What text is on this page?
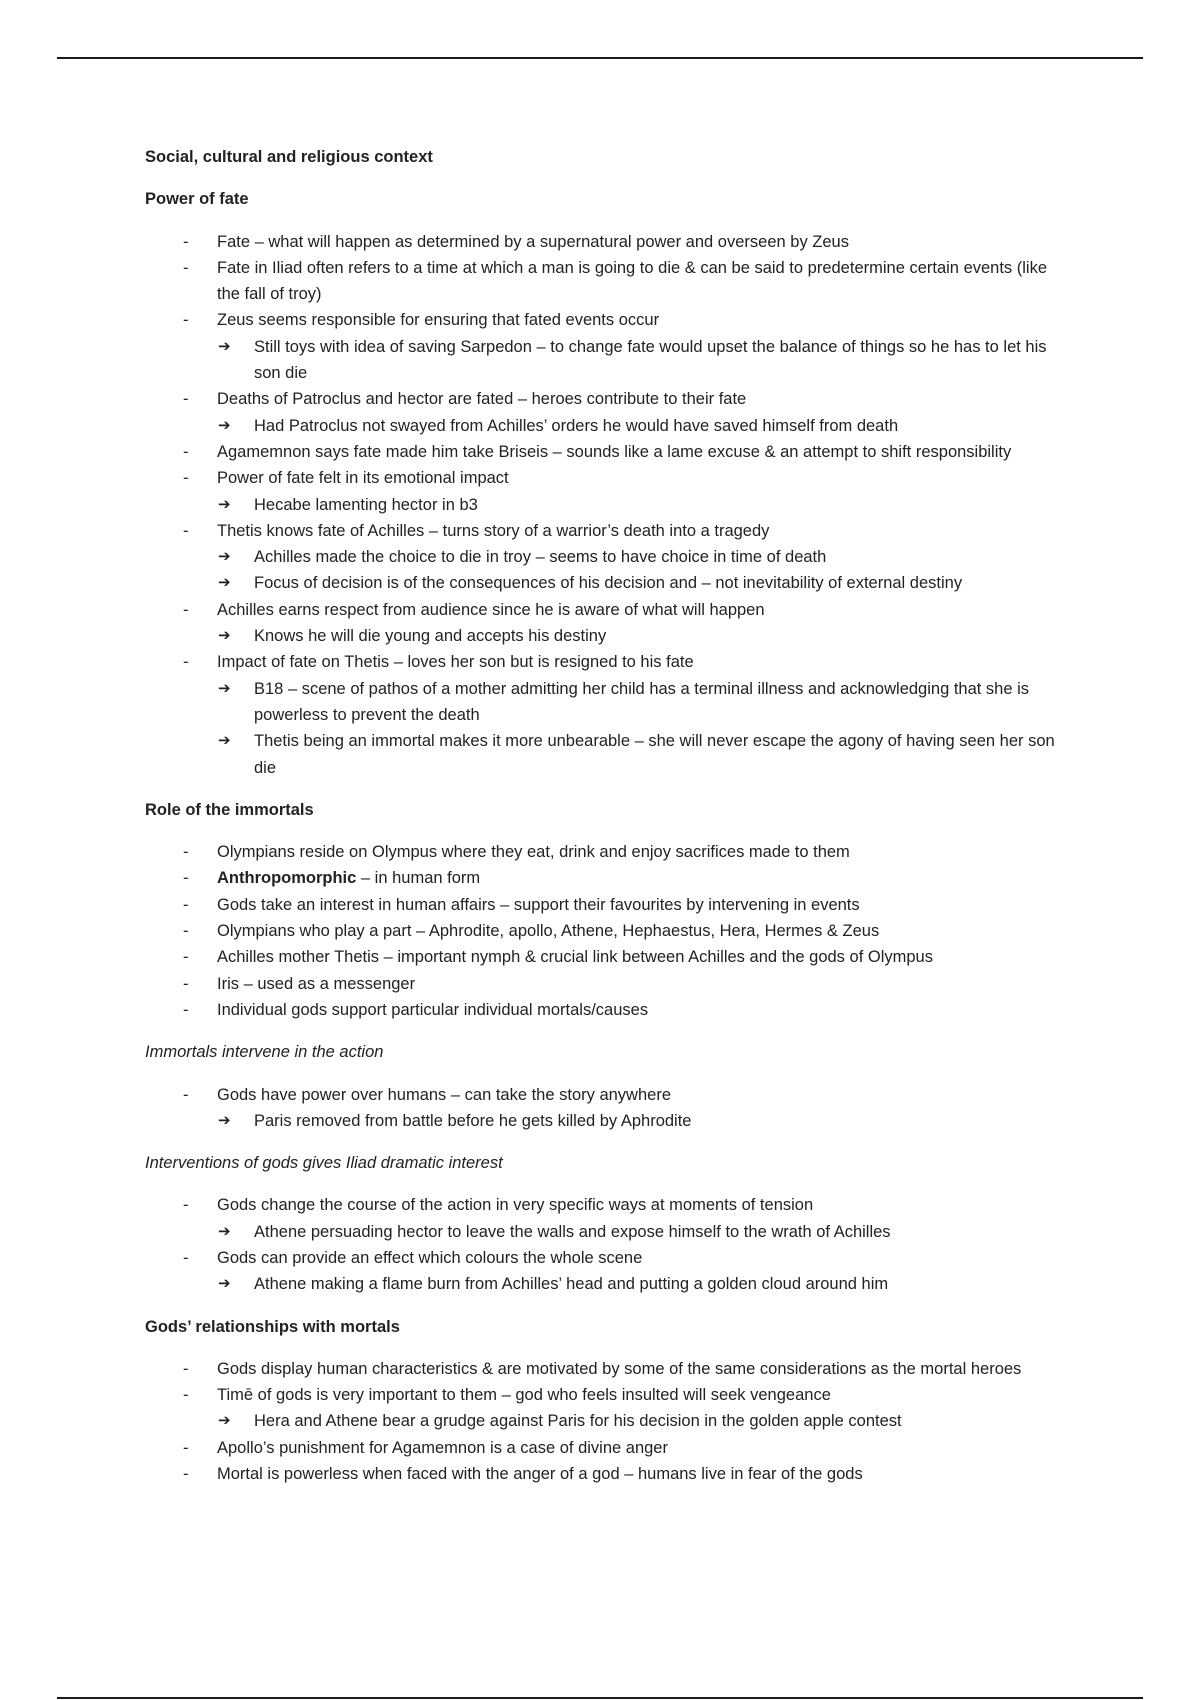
Social, cultural and religious context

Power of fate

- Fate – what will happen as determined by a supernatural power and overseen by Zeus
- Fate in Iliad often refers to a time at which a man is going to die & can be said to predetermine certain events (like the fall of troy)
- Zeus seems responsible for ensuring that fated events occur
➔ Still toys with idea of saving Sarpedon – to change fate would upset the balance of things so he has to let his son die
- Deaths of Patroclus and hector are fated – heroes contribute to their fate
➔ Had Patroclus not swayed from Achilles’ orders he would have saved himself from death
- Agamemnon says fate made him take Briseis – sounds like a lame excuse & an attempt to shift responsibility
- Power of fate felt in its emotional impact
➔ Hecabe lamenting hector in b3
- Thetis knows fate of Achilles – turns story of a warrior’s death into a tragedy
➔ Achilles made the choice to die in troy – seems to have choice in time of death
➔ Focus of decision is of the consequences of his decision and – not inevitability of external destiny
- Achilles earns respect from audience since he is aware of what will happen
➔ Knows he will die young and accepts his destiny
- Impact of fate on Thetis – loves her son but is resigned to his fate
➔ B18 – scene of pathos of a mother admitting her child has a terminal illness and acknowledging that she is powerless to prevent the death
➔ Thetis being an immortal makes it more unbearable – she will never escape the agony of having seen her son die

Role of the immortals

- Olympians reside on Olympus where they eat, drink and enjoy sacrifices made to them
- Anthropomorphic – in human form
- Gods take an interest in human affairs – support their favourites by intervening in events
- Olympians who play a part – Aphrodite, apollo, Athene, Hephaestus, Hera, Hermes & Zeus
- Achilles mother Thetis – important nymph & crucial link between Achilles and the gods of Olympus
- Iris – used as a messenger
- Individual gods support particular individual mortals/causes

Immortals intervene in the action

- Gods have power over humans – can take the story anywhere
➔ Paris removed from battle before he gets killed by Aphrodite

Interventions of gods gives Iliad dramatic interest

- Gods change the course of the action in very specific ways at moments of tension
➔ Athene persuading hector to leave the walls and expose himself to the wrath of Achilles
- Gods can provide an effect which colours the whole scene
➔ Athene making a flame burn from Achilles’ head and putting a golden cloud around him

Gods’ relationships with mortals

- Gods display human characteristics & are motivated by some of the same considerations as the mortal heroes
- Timē of gods is very important to them – god who feels insulted will seek vengeance
➔ Hera and Athene bear a grudge against Paris for his decision in the golden apple contest
- Apollo’s punishment for Agamemnon is a case of divine anger
- Mortal is powerless when faced with the anger of a god – humans live in fear of the gods
